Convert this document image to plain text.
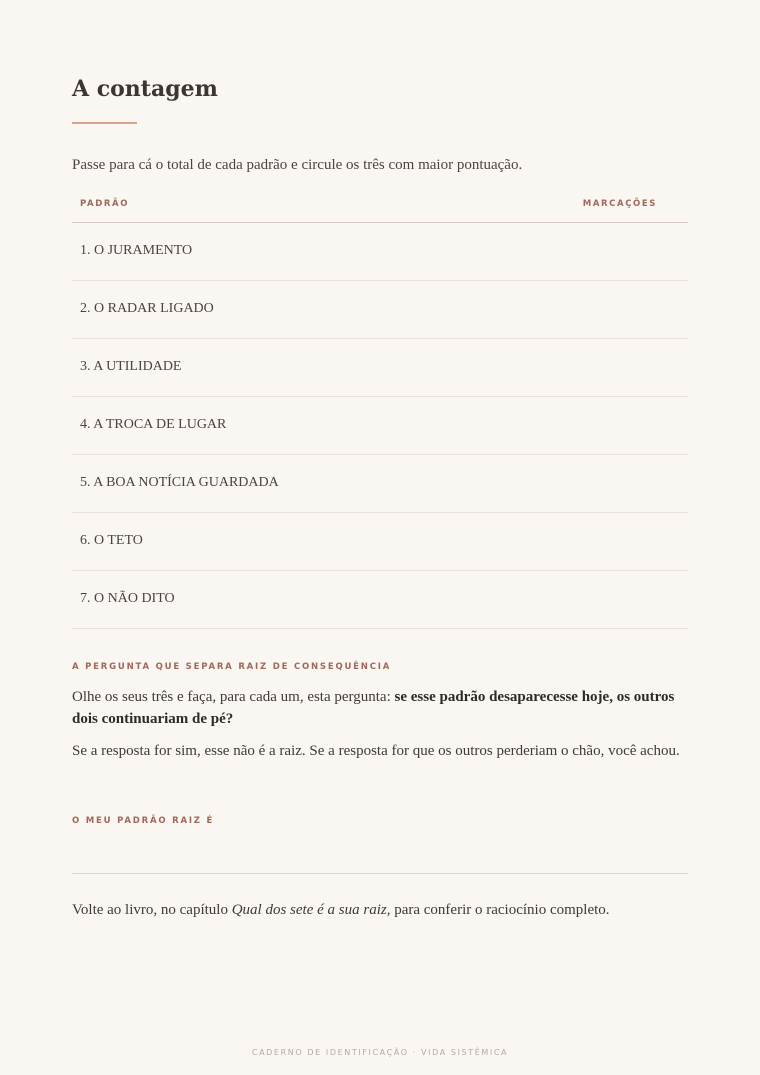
A contagem
Passe para cá o total de cada padrão e circule os três com maior pontuação.
PADRÃO	MARCAÇÕES
1. O JURAMENTO
2. O RADAR LIGADO
3. A UTILIDADE
4. A TROCA DE LUGAR
5. A BOA NOTÍCIA GUARDADA
6. O TETO
7. O NÃO DITO
A PERGUNTA QUE SEPARA RAIZ DE CONSEQUÊNCIA
Olhe os seus três e faça, para cada um, esta pergunta: se esse padrão desaparecesse hoje, os outros dois continuariam de pé?
Se a resposta for sim, esse não é a raiz. Se a resposta for que os outros perderiam o chão, você achou.
O MEU PADRÃO RAIZ É
Volte ao livro, no capítulo Qual dos sete é a sua raiz, para conferir o raciocínio completo.
CADERNO DE IDENTIFICAÇÃO · VIDA SISTÊMICA
